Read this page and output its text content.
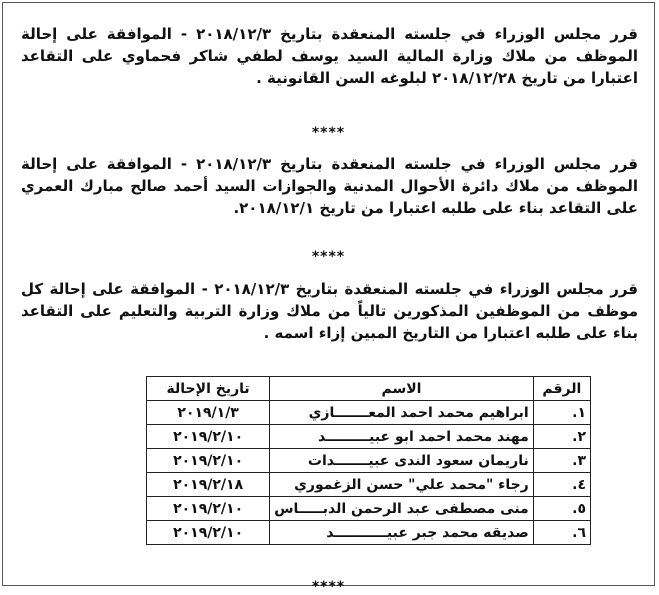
قرر مجلس الوزراء في جلسته المنعقدة بتاريخ ٢٠١٨/١٢/٣ - الموافقة على إحالة الموظف من ملاك وزارة المالية السيد يوسف لطفي شاكر فحماوي على التقاعد اعتبارا من تاريخ ٢٠١٨/١٢/٢٨ لبلوغه السن القانونية .

****

قرر مجلس الوزراء في جلسته المنعقدة بتاريخ ٢٠١٨/١٢/٣ - الموافقة على إحالة الموظف من ملاك دائرة الأحوال المدنية والجوازات السيد أحمد صالح مبارك العمري على التقاعد بناء على طلبه اعتبارا من تاريخ ٢٠١٨/١٢/١.

****

قرر مجلس الوزراء في جلسته المنعقدة بتاريخ ٢٠١٨/١٢/٣ - الموافقة على إحالة كل موظف من الموظفين المذكورين تالياً من ملاك وزارة التربية والتعليم على التقاعد بناء على طلبه اعتبارا من التاريخ المبين إزاء اسمه .

الرقم	الاسم	تاريخ الإحالة
١.	ابراهيم محمد احمد المعـــــــازي	٢٠١٩/١/٣
٢.	مهند محمد احمد ابو عبيـــــــــد	٢٠١٩/٢/١٠
٣.	ناريمان سعود الندى عبيـــــــدات	٢٠١٩/٢/١٠
٤.	رجاء "محمد علي" حسن الزغموري	٢٠١٩/٢/١٨
٥.	منى مصطفى عبد الرحمن الدبـــــاس	٢٠١٩/٢/١٠
٦.	صديقه محمد جبر عبيـــــــــــد	٢٠١٩/٢/١٠
****
